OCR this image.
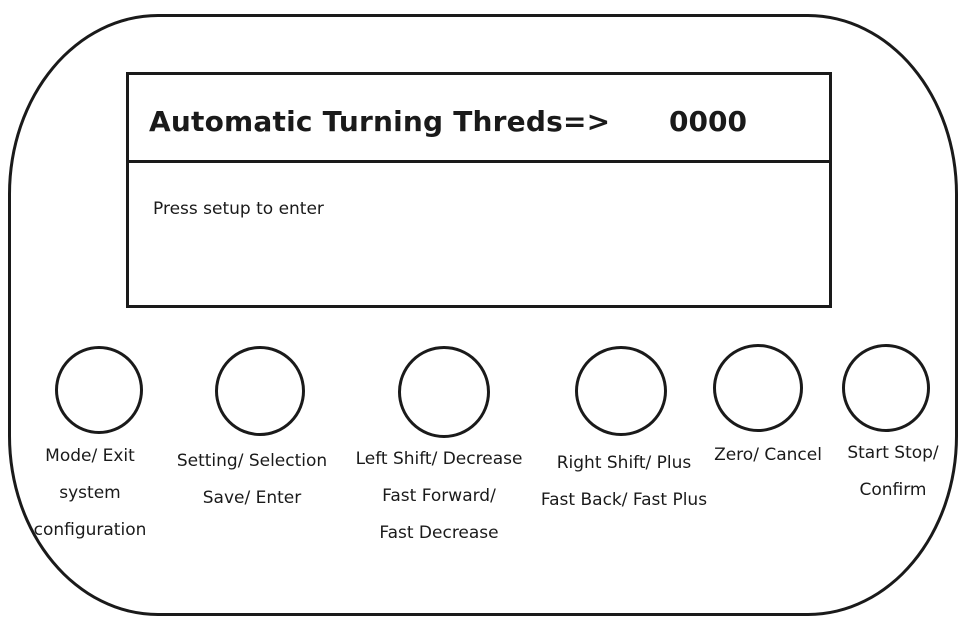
Automatic Turning Threds=> 0000
Press setup to enter
Mode/ Exit
system
configuration
Setting/ Selection
Save/ Enter
Left Shift/ Decrease
Fast Forward/
Fast Decrease
Right Shift/ Plus
Fast Back/ Fast Plus
Zero/ Cancel	Start Stop/
Confirm
